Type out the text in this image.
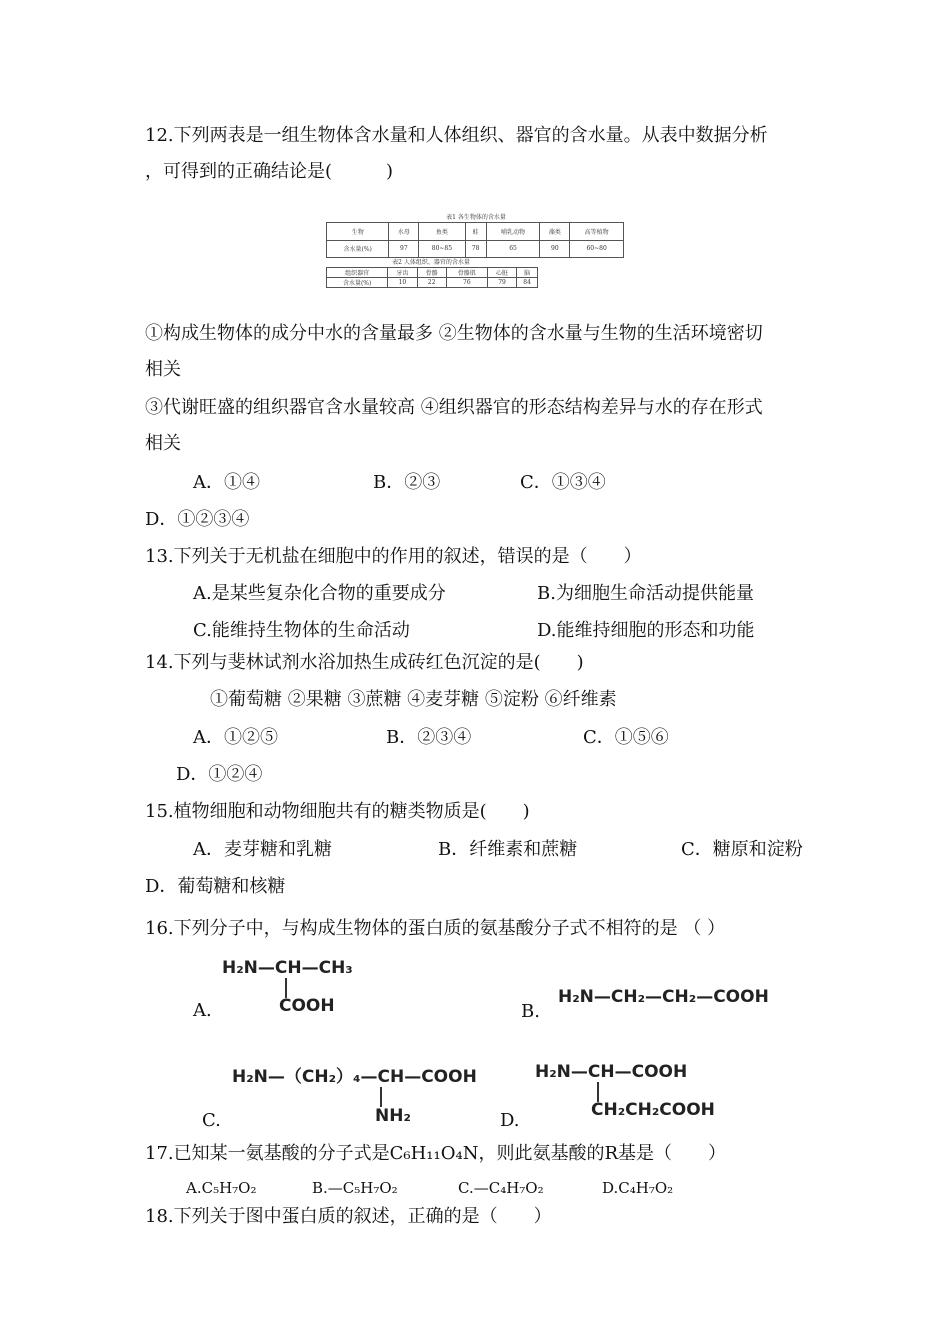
12.下列两表是一组生物体含水量和人体组织、器官的含水量。从表中数据分析
，可得到的正确结论是(　　　)
表1 各生物体的含水量
生物	水母	鱼类	蛙	哺乳动物	藻类	高等植物
含水量(%)	97	80~85	78	65	90	60~80
表2 人体组织、器官的含水量
组织器官	牙齿	骨骼	骨骼肌	心脏	脑
含水量(%)	10	22	76	79	84
①构成生物体的成分中水的含量最多 ②生物体的含水量与生物的生活环境密切
相关
③代谢旺盛的组织器官含水量较高 ④组织器官的形态结构差异与水的存在形式
相关
A．①④	B．②③	C．①③④
D．①②③④
13.下列关于无机盐在细胞中的作用的叙述，错误的是（　　）
A.是某些复杂化合物的重要成分	B.为细胞生命活动提供能量
C.能维持生物体的生命活动	D.能维持细胞的形态和功能
14.下列与斐林试剂水浴加热生成砖红色沉淀的是(　　)
①葡萄糖 ②果糖 ③蔗糖 ④麦芽糖 ⑤淀粉 ⑥纤维素
A．①②⑤	B．②③④	C．①⑤⑥
D．①②④
15.植物细胞和动物细胞共有的糖类物质是(　　)
A．麦芽糖和乳糖	B．纤维素和蔗糖	C．糖原和淀粉
D．葡萄糖和核糖
16.下列分子中，与构成生物体的蛋白质的氨基酸分子式不相符的是 （ ）
H₂N—CH—CH₃
COOH
A.
H₂N—CH₂—CH₂—COOH
B.
H₂N—（CH₂）₄—CH—COOH
NH₂
C.
H₂N—CH—COOH
CH₂CH₂COOH
D.
17.已知某一氨基酸的分子式是C₆H₁₁O₄N，则此氨基酸的R基是（　　）
A.C₅H₇O₂	B.—C₅H₇O₂	C.—C₄H₇O₂	D.C₄H₇O₂
18.下列关于图中蛋白质的叙述，正确的是（　　）
